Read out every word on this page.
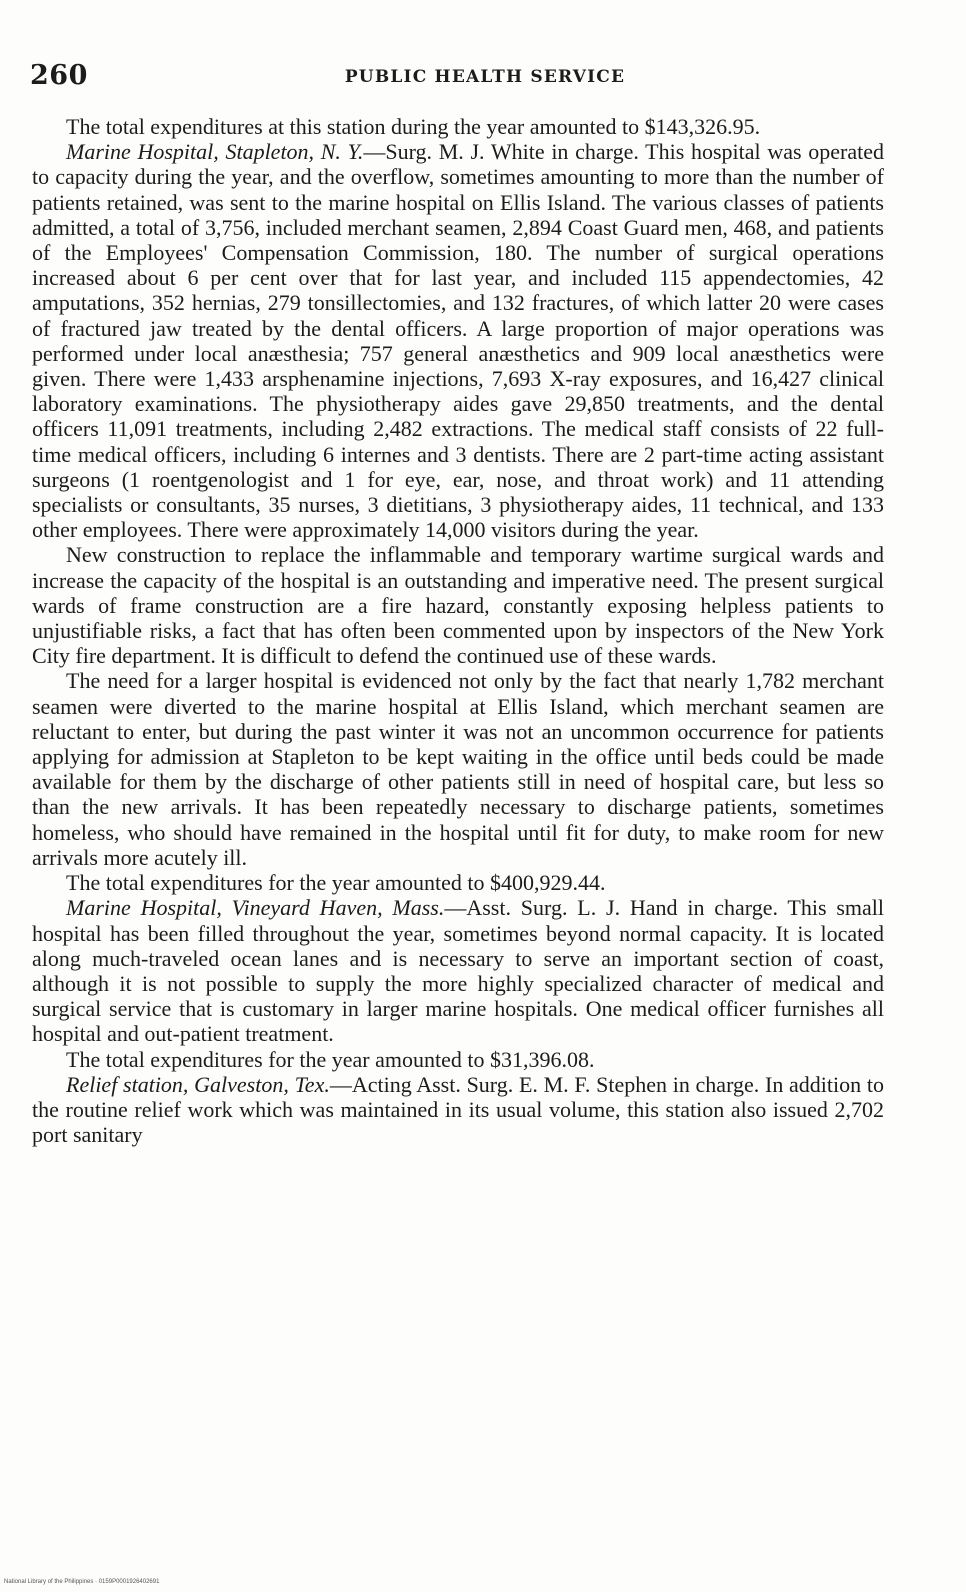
260	PUBLIC HEALTH SERVICE

The total expenditures at this station during the year amounted to $143,326.95.

Marine Hospital, Stapleton, N. Y.—Surg. M. J. White in charge. This hospital was operated to capacity during the year, and the overflow, sometimes amounting to more than the number of patients retained, was sent to the marine hospital on Ellis Island. The various classes of patients admitted, a total of 3,756, included merchant seamen, 2,894 Coast Guard men, 468, and patients of the Employees' Compensation Commission, 180. The number of surgical operations increased about 6 per cent over that for last year, and included 115 appendectomies, 42 amputations, 352 hernias, 279 tonsillectomies, and 132 fractures, of which latter 20 were cases of fractured jaw treated by the dental officers. A large proportion of major operations was performed under local anæsthesia; 757 general anæsthetics and 909 local anæsthetics were given. There were 1,433 arsphenamine injections, 7,693 X-ray exposures, and 16,427 clinical laboratory examinations. The physiotherapy aides gave 29,850 treatments, and the dental officers 11,091 treatments, including 2,482 extractions. The medical staff consists of 22 full-time medical officers, including 6 internes and 3 dentists. There are 2 part-time acting assistant surgeons (1 roentgenologist and 1 for eye, ear, nose, and throat work) and 11 attending specialists or consultants, 35 nurses, 3 dietitians, 3 physiotherapy aides, 11 technical, and 133 other employees. There were approximately 14,000 visitors during the year.

New construction to replace the inflammable and temporary wartime surgical wards and increase the capacity of the hospital is an outstanding and imperative need. The present surgical wards of frame construction are a fire hazard, constantly exposing helpless patients to unjustifiable risks, a fact that has often been commented upon by inspectors of the New York City fire department. It is difficult to defend the continued use of these wards.

The need for a larger hospital is evidenced not only by the fact that nearly 1,782 merchant seamen were diverted to the marine hospital at Ellis Island, which merchant seamen are reluctant to enter, but during the past winter it was not an uncommon occurrence for patients applying for admission at Stapleton to be kept waiting in the office until beds could be made available for them by the discharge of other patients still in need of hospital care, but less so than the new arrivals. It has been repeatedly necessary to discharge patients, sometimes homeless, who should have remained in the hospital until fit for duty, to make room for new arrivals more acutely ill.

The total expenditures for the year amounted to $400,929.44.

Marine Hospital, Vineyard Haven, Mass.—Asst. Surg. L. J. Hand in charge. This small hospital has been filled throughout the year, sometimes beyond normal capacity. It is located along much-traveled ocean lanes and is necessary to serve an important section of coast, although it is not possible to supply the more highly specialized character of medical and surgical service that is customary in larger marine hospitals. One medical officer furnishes all hospital and out-patient treatment.

The total expenditures for the year amounted to $31,396.08.

Relief station, Galveston, Tex.—Acting Asst. Surg. E. M. F. Stephen in charge. In addition to the routine relief work which was maintained in its usual volume, this station also issued 2,702 port sanitary

National Library of the Philippines · 0159P0001926402691
